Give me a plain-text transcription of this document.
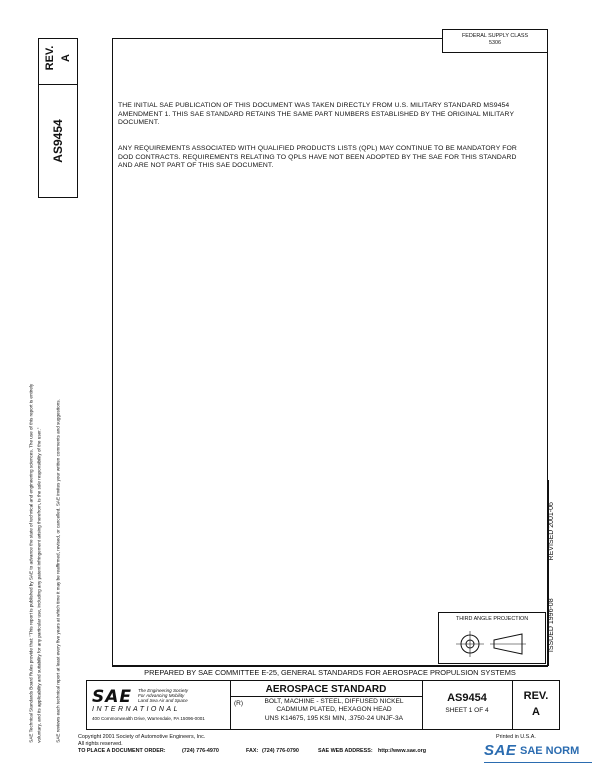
REV. A
AS9454
SAE Technical Standards Board Rules provide that: "This report is published by SAE to advance the state of technical and engineering sciences. The use of this report is entirely voluntary, and its applicability and suitability for any particular use, including any patent infringement arising therefrom, is the sole responsibility of the user."	SAE reviews each technical report at least every five years at which time it may be reaffirmed, revised, or cancelled. SAE invites your written comments and suggestions.
FEDERAL SUPPLY CLASS
5306
THE INITIAL SAE PUBLICATION OF THIS DOCUMENT WAS TAKEN DIRECTLY FROM U.S. MILITARY STANDARD MS9454 AMENDMENT 1. THIS SAE STANDARD RETAINS THE SAME PART NUMBERS ESTABLISHED BY THE ORIGINAL MILITARY DOCUMENT.
ANY REQUIREMENTS ASSOCIATED WITH QUALIFIED PRODUCTS LISTS (QPL) MAY CONTINUE TO BE MANDATORY FOR DOD CONTRACTS. REQUIREMENTS RELATING TO QPLS HAVE NOT BEEN ADOPTED BY THE SAE FOR THIS STANDARD AND ARE NOT PART OF THIS SAE DOCUMENT.
ISSUED 1996-08
REVISED 2001-06
THIRD ANGLE PROJECTION
PREPARED BY SAE COMMITTEE E-25, GENERAL STANDARDS FOR AEROSPACE PROPULSION SYSTEMS
SAE The Engineering Society
For Advancing Mobility
Land Sea Air and Space
INTERNATIONAL
400 Commonwealth Drive, Warrendale, PA 15096-0001
AEROSPACE STANDARD
(R)	BOLT, MACHINE - STEEL, DIFFUSED NICKEL
CADMIUM PLATED, HEXAGON HEAD
UNS K14675, 195 KSI MIN, .3750-24 UNJF-3A
AS9454
SHEET 1 OF 4
REV.
A
Copyright 2001 Society of Automotive Engineers, Inc.
All rights reserved.
Printed in U.S.A.
TO PLACE A DOCUMENT ORDER:	(724) 776-4970	FAX: (724) 776-0790	SAE WEB ADDRESS: http://www.sae.org	SAE SAE NORM
